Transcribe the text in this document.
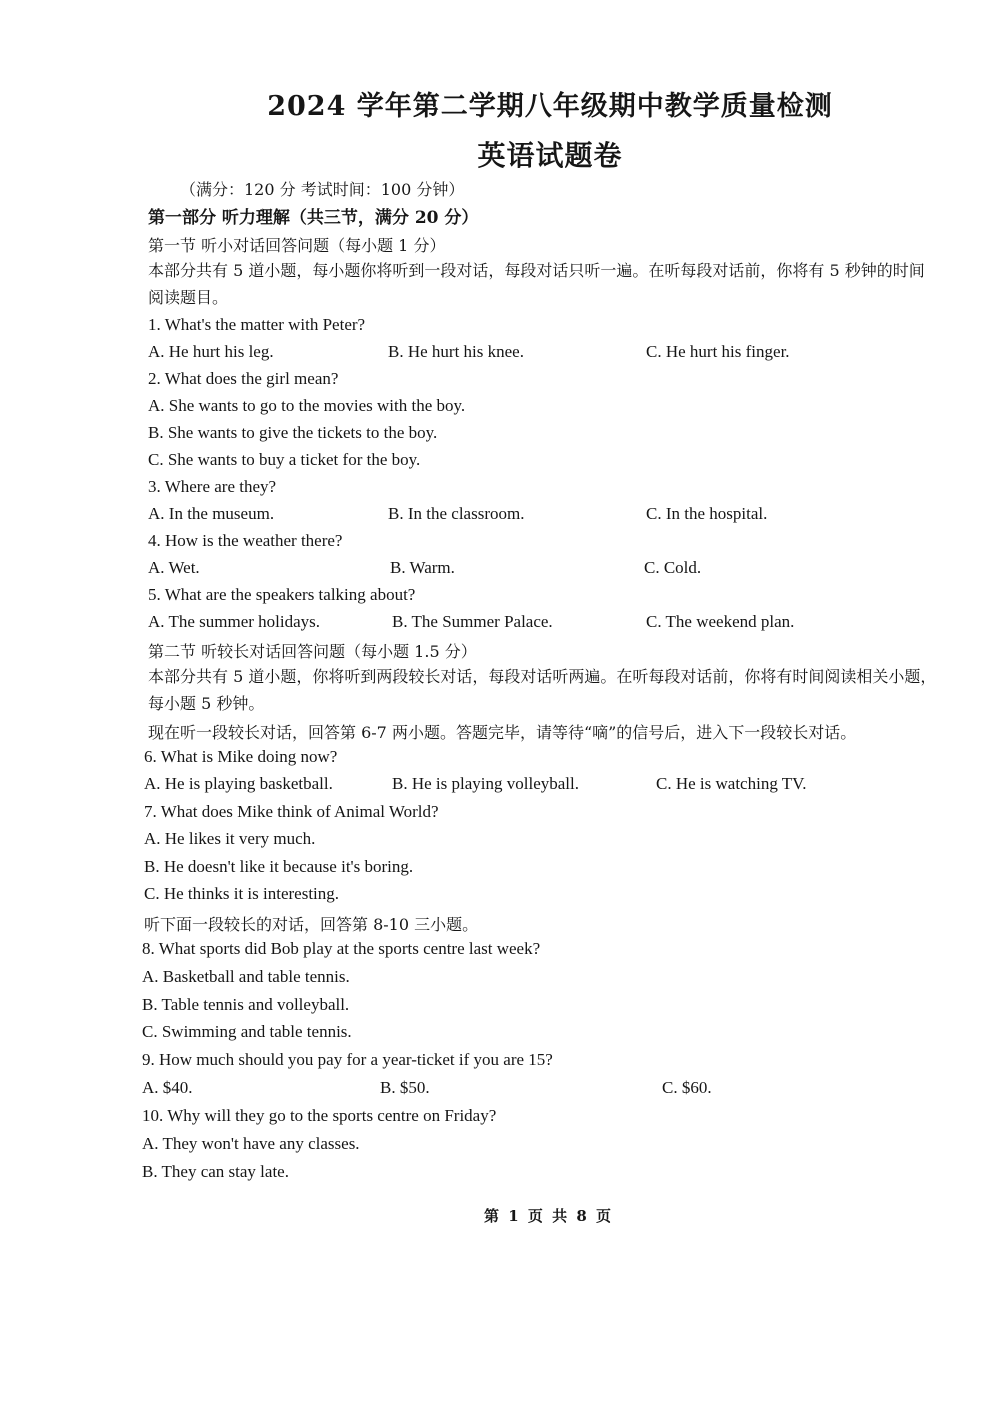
2024 学年第二学期八年级期中教学质量检测
英语试题卷
（满分：120 分 考试时间：100 分钟）
第一部分 听力理解（共三节，满分 20 分）
第一节 听小对话回答问题（每小题 1 分）
本部分共有 5 道小题，每小题你将听到一段对话，每段对话只听一遍。在听每段对话前，你将有 5 秒钟的时间阅读题目。
1. What's the matter with Peter?
A. He hurt his leg.	B. He hurt his knee.	C. He hurt his finger.
2. What does the girl mean?
A. She wants to go to the movies with the boy.
B. She wants to give the tickets to the boy.
C. She wants to buy a ticket for the boy.
3. Where are they?
A. In the museum.	B. In the classroom.	C. In the hospital.
4. How is the weather there?
A. Wet.	B. Warm.	C. Cold.
5. What are the speakers talking about?
A. The summer holidays.	B. The Summer Palace.	C. The weekend plan.
第二节 听较长对话回答问题（每小题 1.5 分）
本部分共有 5 道小题，你将听到两段较长对话，每段对话听两遍。在听每段对话前，你将有时间阅读相关小题，每小题 5 秒钟。
现在听一段较长对话，回答第 6-7 两小题。答题完毕，请等待“嘀”的信号后，进入下一段较长对话。
6. What is Mike doing now?
A. He is playing basketball.	B. He is playing volleyball.	C. He is watching TV.
7. What does Mike think of Animal World?
A. He likes it very much.
B. He doesn't like it because it's boring.
C. He thinks it is interesting.
听下面一段较长的对话，回答第 8-10 三小题。
8. What sports did Bob play at the sports centre last week?
A. Basketball and table tennis.
B. Table tennis and volleyball.
C. Swimming and table tennis.
9. How much should you pay for a year-ticket if you are 15?
A. $40.	B. $50.	C. $60.
10. Why will they go to the sports centre on Friday?
A. They won't have any classes.
B. They can stay late.
第 1 页 共 8 页
